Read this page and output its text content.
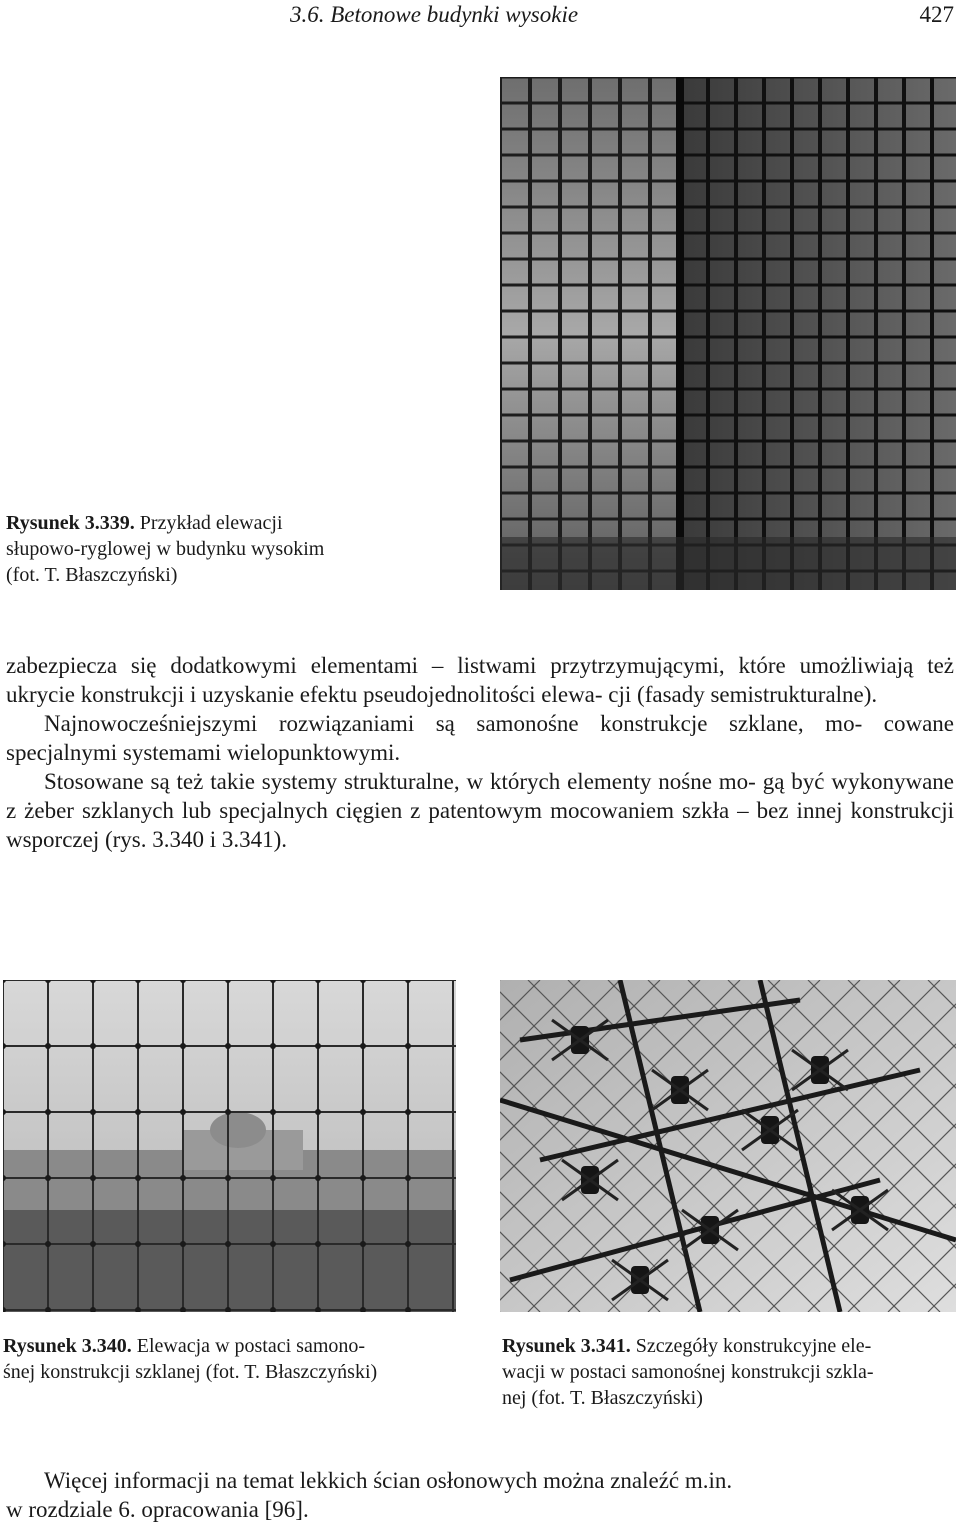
3.6. Betonowe budynki wysokie	427
Rysunek 3.339. Przykład elewacji
słupowo-ryglowej w budynku wysokim
(fot. T. Błaszczyński)

zabezpiecza się dodatkowymi elementami – listwami przytrzymującymi, które umożliwiają też ukrycie konstrukcji i uzyskanie efektu pseudojednolitości elewa- cji (fasady semistrukturalne).

Najnowocześniejszymi rozwiązaniami są samonośne konstrukcje szklane, mo- cowane specjalnymi systemami wielopunktowymi.

Stosowane są też takie systemy strukturalne, w których elementy nośne mo- gą być wykonywane z żeber szklanych lub specjalnych cięgien z patentowym mocowaniem szkła – bez innej konstrukcji wsporczej (rys. 3.340 i 3.341).

Rysunek 3.340. Elewacja w postaci samono-
śnej konstrukcji szklanej (fot. T. Błaszczyński)
Rysunek 3.341. Szczegóły konstrukcyjne ele-
wacji w postaci samonośnej konstrukcji szkla-
nej (fot. T. Błaszczyński)

Więcej informacji na temat lekkich ścian osłonowych można znaleźć m.in.

w rozdziale 6. opracowania [96].
